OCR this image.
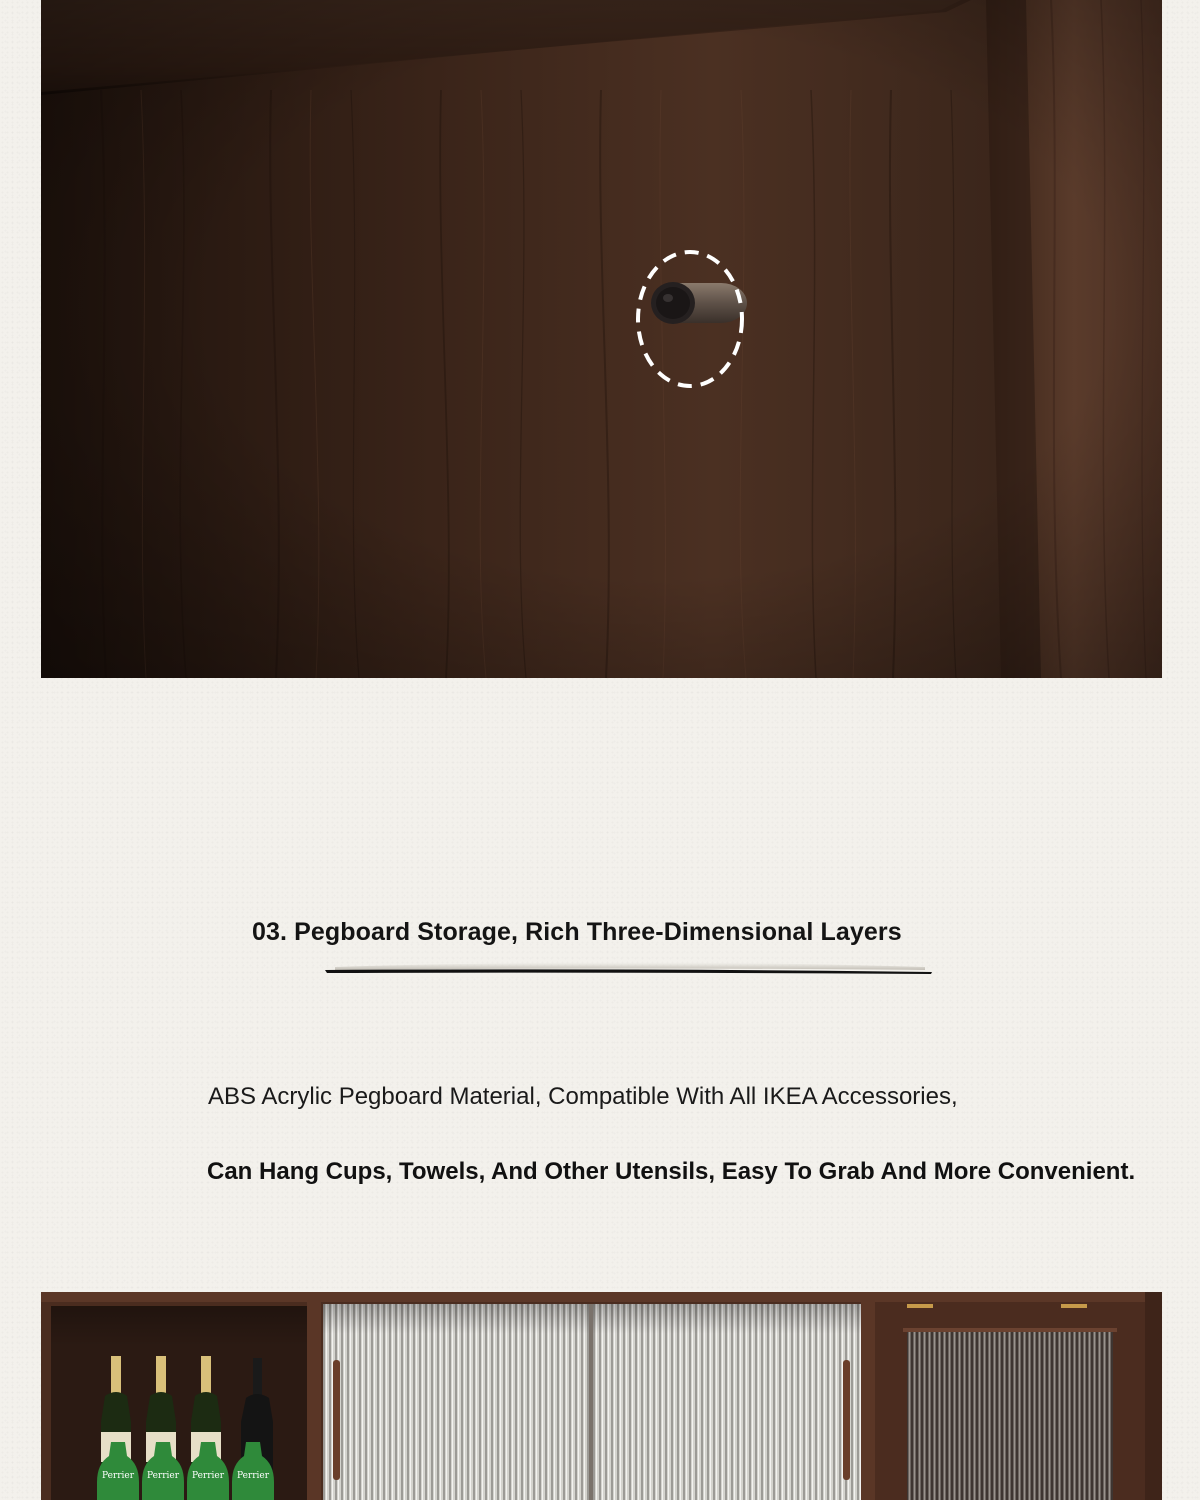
03. Pegboard Storage, Rich Three-Dimensional Layers
ABS Acrylic Pegboard Material, Compatible With All IKEA Accessories,
Can Hang Cups, Towels, And Other Utensils, Easy To Grab And More Convenient.
Perrier Perrier Perrier Perrier
